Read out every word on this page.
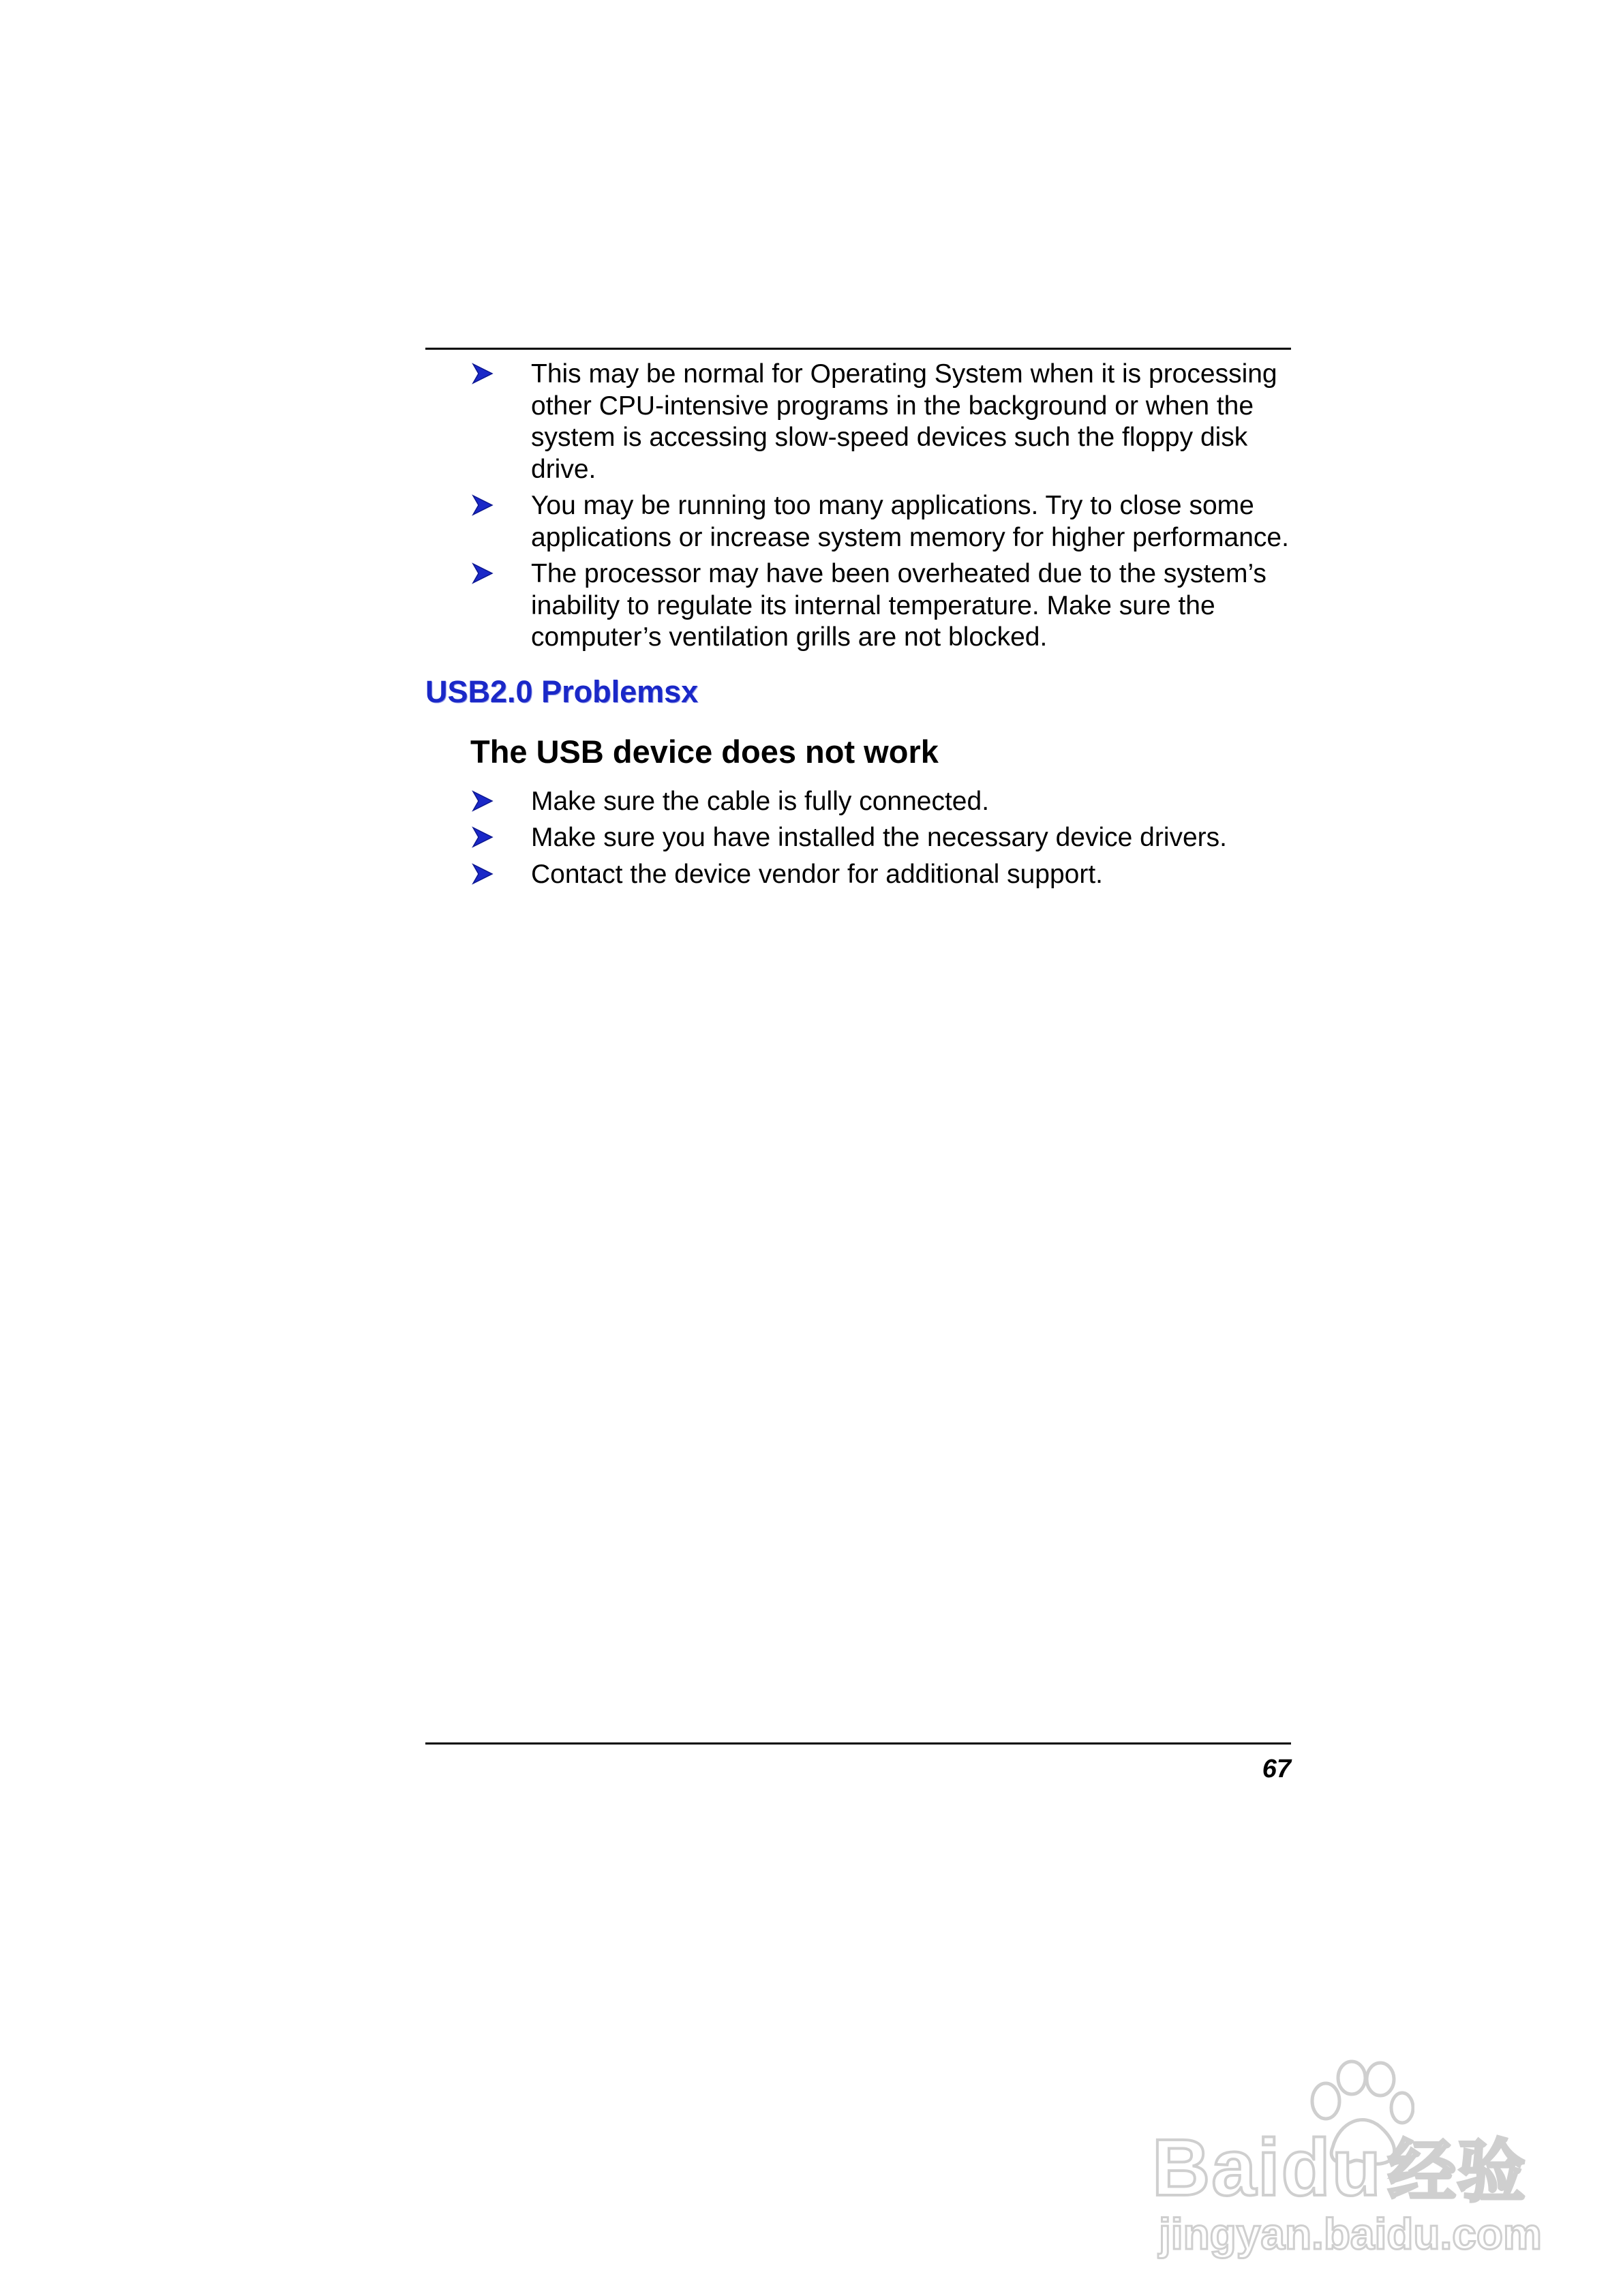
This may be normal for Operating System when it is processing other CPU-intensive programs in the background or when the system is accessing slow-speed devices such the floppy disk drive.
You may be running too many applications. Try to close some applications or increase system memory for higher performance.
The processor may have been overheated due to the system’s inability to regulate its internal temperature. Make sure the computer’s ventilation grills are not blocked.
USB2.0 Problemsx
The USB device does not work
Make sure the cable is fully connected.
Make sure you have installed the necessary device drivers.
Contact the device vendor for additional support.
67
Baidu经验
jingyan.baidu.com
